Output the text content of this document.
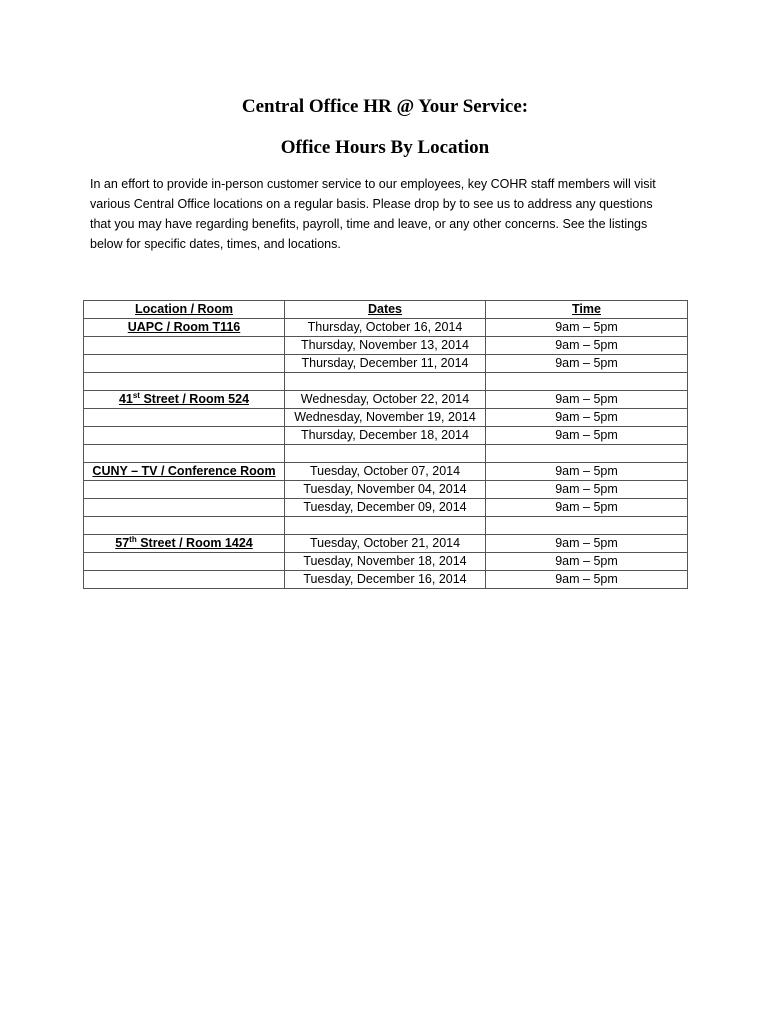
Central Office HR @ Your Service:
Office Hours By Location

In an effort to provide in-person customer service to our employees, key COHR staff members will visit
various Central Office locations on a regular basis. Please drop by to see us to address any questions
that you may have regarding benefits, payroll, time and leave, or any other concerns. See the listings
below for specific dates, times, and locations.

Location / Room	Dates	Time
UAPC / Room T116	Thursday, October 16, 2014	9am – 5pm
	Thursday, November 13, 2014	9am – 5pm
	Thursday, December 11, 2014	9am – 5pm

41st Street / Room 524	Wednesday, October 22, 2014	9am – 5pm
	Wednesday, November 19, 2014	9am – 5pm
	Thursday, December 18, 2014	9am – 5pm

CUNY – TV / Conference Room	Tuesday, October 07, 2014	9am – 5pm
	Tuesday, November 04, 2014	9am – 5pm
	Tuesday, December 09, 2014	9am – 5pm

57th Street / Room 1424	Tuesday, October 21, 2014	9am – 5pm
	Tuesday, November 18, 2014	9am – 5pm
	Tuesday, December 16, 2014	9am – 5pm
